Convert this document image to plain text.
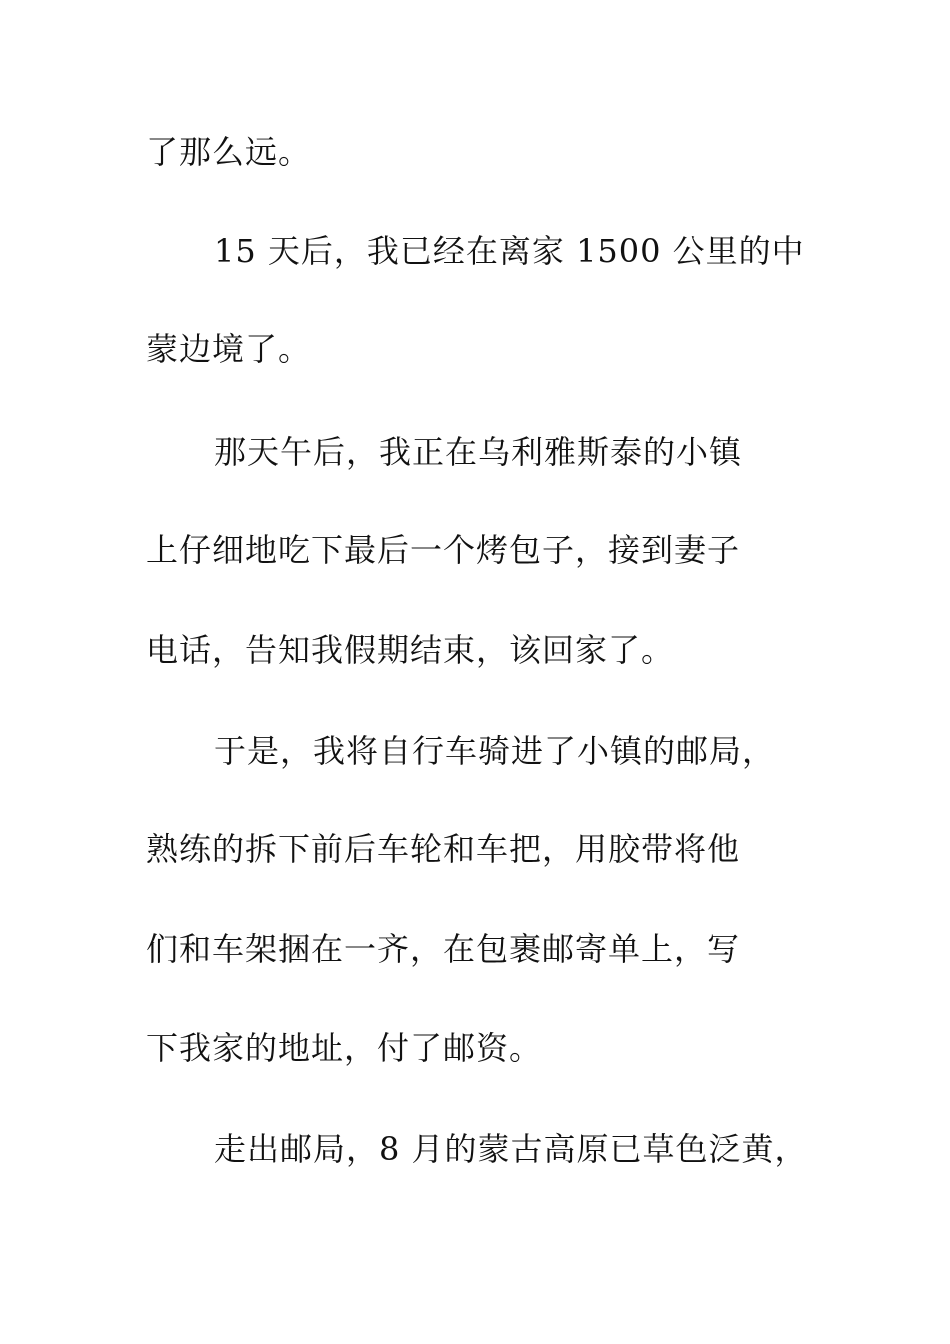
了那么远。
15 天后，我已经在离家 1500 公里的中
蒙边境了。
那天午后，我正在乌利雅斯泰的小镇
上仔细地吃下最后一个烤包子，接到妻子
电话，告知我假期结束，该回家了。
于是，我将自行车骑进了小镇的邮局，
熟练的拆下前后车轮和车把，用胶带将他
们和车架捆在一齐，在包裹邮寄单上，写
下我家的地址，付了邮资。
走出邮局，8 月的蒙古高原已草色泛黄，
